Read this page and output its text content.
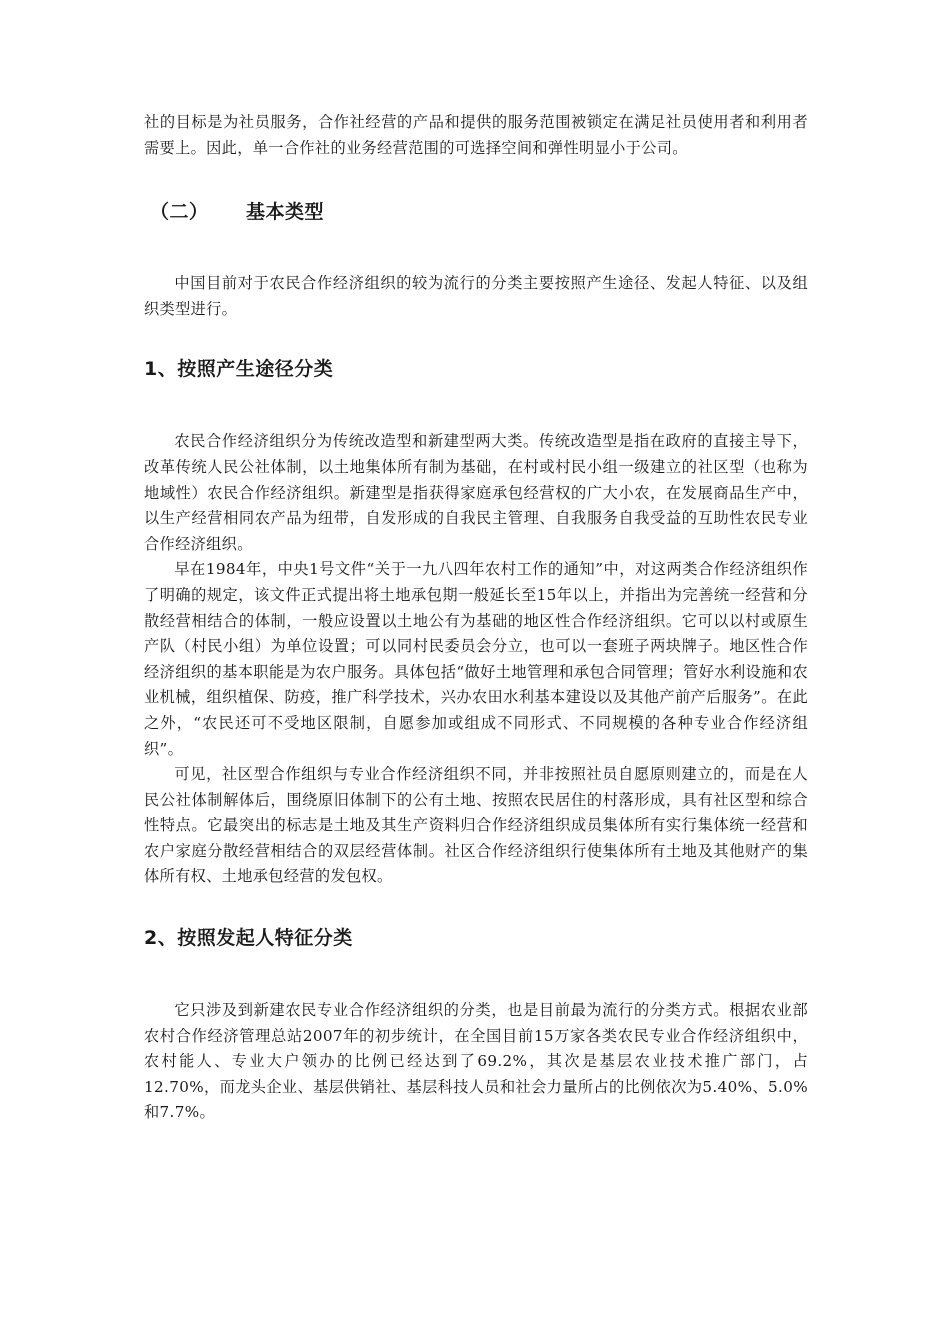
社的目标是为社员服务，合作社经营的产品和提供的服务范围被锁定在满足社员使用者和利用者需要上。因此，单一合作社的业务经营范围的可选择空间和弹性明显小于公司。

（二） 基本类型

中国目前对于农民合作经济组织的较为流行的分类主要按照产生途径、发起人特征、以及组织类型进行。

1、按照产生途径分类

农民合作经济组织分为传统改造型和新建型两大类。传统改造型是指在政府的直接主导下，改革传统人民公社体制，以土地集体所有制为基础，在村或村民小组一级建立的社区型（也称为地域性）农民合作经济组织。新建型是指获得家庭承包经营权的广大小农，在发展商品生产中，以生产经营相同农产品为纽带，自发形成的自我民主管理、自我服务自我受益的互助性农民专业合作经济组织。

早在1984年，中央1号文件“关于一九八四年农村工作的通知”中，对这两类合作经济组织作了明确的规定，该文件正式提出将土地承包期一般延长至15年以上，并指出为完善统一经营和分散经营相结合的体制，一般应设置以土地公有为基础的地区性合作经济组织。它可以以村或原生产队（村民小组）为单位设置；可以同村民委员会分立，也可以一套班子两块牌子。地区性合作经济组织的基本职能是为农户服务。具体包括“做好土地管理和承包合同管理；管好水利设施和农业机械，组织植保、防疫，推广科学技术，兴办农田水利基本建设以及其他产前产后服务”。在此之外，“农民还可不受地区限制，自愿参加或组成不同形式、不同规模的各种专业合作经济组织”。

可见，社区型合作组织与专业合作经济组织不同，并非按照社员自愿原则建立的，而是在人民公社体制解体后，围绕原旧体制下的公有土地、按照农民居住的村落形成，具有社区型和综合性特点。它最突出的标志是土地及其生产资料归合作经济组织成员集体所有实行集体统一经营和农户家庭分散经营相结合的双层经营体制。社区合作经济组织行使集体所有土地及其他财产的集体所有权、土地承包经营的发包权。

2、按照发起人特征分类

它只涉及到新建农民专业合作经济组织的分类，也是目前最为流行的分类方式。根据农业部农村合作经济管理总站2007年的初步统计，在全国目前15万家各类农民专业合作经济组织中，农村能人、专业大户领办的比例已经达到了69.2%，其次是基层农业技术推广部门，占12.70%，而龙头企业、基层供销社、基层科技人员和社会力量所占的比例依次为5.40%、5.0%和7.7%。
